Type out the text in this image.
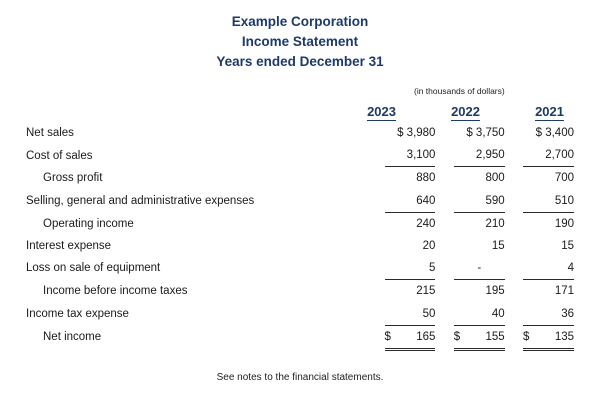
Example Corporation
Income Statement
Years ended December 31
(in thousands of dollars)
2023	2022	2021
Net sales		$ 3,980		$ 3,750		$ 3,400
Cost of sales		3,100		2,950		2,700
Gross profit		880		800		700
Selling, general and administrative expenses		640		590		510
Operating income		240		210		190
Interest expense		20		15		15
Loss on sale of equipment		5		-		4
Income before income taxes		215		195		171
Income tax expense		50		40		36
Net income		$ 165		$ 155		$ 135
See notes to the financial statements.
